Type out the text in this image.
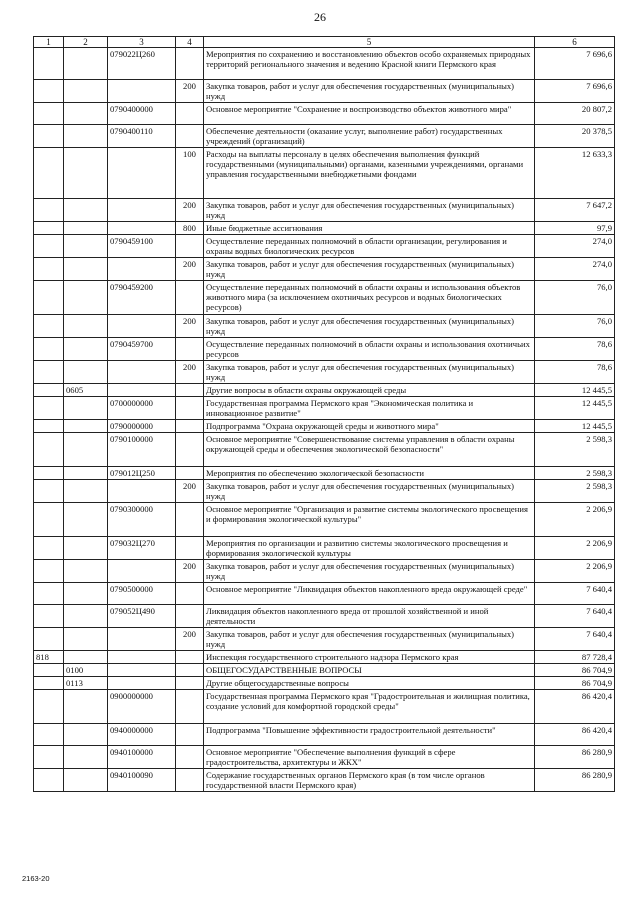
26
1	2	3	4	5	6
		079022Ц260		Мероприятия по сохранению и восстановлению объектов особо охраняемых природных территорий регионального значения и ведению Красной книги Пермского края	7 696,6
			200	Закупка товаров, работ и услуг для обеспечения государственных (муниципальных) нужд	7 696,6
		0790400000		Основное мероприятие "Сохранение и воспроизводство объектов животного мира"	20 807,2
		0790400110		Обеспечение деятельности (оказание услуг, выполнение работ) государственных учреждений (организаций)	20 378,5
			100	Расходы на выплаты персоналу в целях обеспечения выполнения функций государственными (муниципальными) органами, казенными учреждениями, органами управления государственными внебюджетными фондами	12 633,3
			200	Закупка товаров, работ и услуг для обеспечения государственных (муниципальных) нужд	7 647,2
			800	Иные бюджетные ассигнования	97,9
		0790459100		Осуществление переданных полномочий в области организации, регулирования и охраны водных биологических ресурсов	274,0
			200	Закупка товаров, работ и услуг для обеспечения государственных (муниципальных) нужд	274,0
		0790459200		Осуществление переданных полномочий в области охраны и использования объектов животного мира (за исключением охотничьих ресурсов и водных биологических ресурсов)	76,0
			200	Закупка товаров, работ и услуг для обеспечения государственных (муниципальных) нужд	76,0
		0790459700		Осуществление переданных полномочий в области охраны и использования охотничьих ресурсов	78,6
			200	Закупка товаров, работ и услуг для обеспечения государственных (муниципальных) нужд	78,6
	0605			Другие вопросы в области охраны окружающей среды	12 445,5
		0700000000		Государственная программа Пермского края "Экономическая политика и инновационное развитие"	12 445,5
		0790000000		Подпрограмма "Охрана окружающей среды и животного мира"	12 445,5
		0790100000		Основное мероприятие "Совершенствование системы управления в области охраны окружающей среды и обеспечения экологической безопасности"	2 598,3
		079012Ц250		Мероприятия по обеспечению экологической безопасности	2 598,3
			200	Закупка товаров, работ и услуг для обеспечения государственных (муниципальных) нужд	2 598,3
		0790300000		Основное мероприятие "Организация и развитие системы экологического просвещения и формирования экологической культуры"	2 206,9
		079032Ц270		Мероприятия по организации и развитию системы экологического просвещения и формирования экологической культуры	2 206,9
			200	Закупка товаров, работ и услуг для обеспечения государственных (муниципальных) нужд	2 206,9
		0790500000		Основное мероприятие "Ликвидация объектов накопленного вреда окружающей среде"	7 640,4
		079052Ц490		Ликвидация объектов накопленного вреда от прошлой хозяйственной и иной деятельности	7 640,4
			200	Закупка товаров, работ и услуг для обеспечения государственных (муниципальных) нужд	7 640,4
818				Инспекция государственного строительного надзора Пермского края	87 728,4
	0100			ОБЩЕГОСУДАРСТВЕННЫЕ ВОПРОСЫ	86 704,9
	0113			Другие общегосударственные вопросы	86 704,9
		0900000000		Государственная программа Пермского края "Градостроительная и жилищная политика, создание условий для комфортной городской среды"	86 420,4
		0940000000		Подпрограмма "Повышение эффективности градостроительной деятельности"	86 420,4
		0940100000		Основное мероприятие "Обеспечение выполнения функций в сфере градостроительства, архитектуры и ЖКХ"	86 280,9
		0940100090		Содержание государственных органов Пермского края (в том числе органов государственной власти Пермского края)	86 280,9
2163-20
